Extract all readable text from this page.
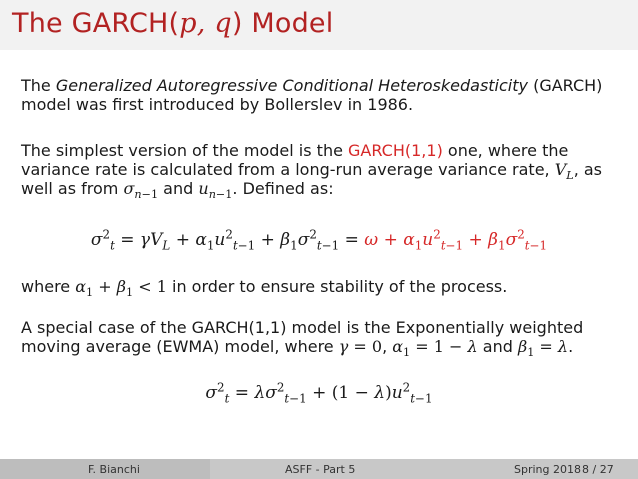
The GARCH(p, q) Model

The Generalized Autoregressive Conditional Heteroskedasticity (GARCH) model was first introduced by Bollerslev in 1986.

The simplest version of the model is the GARCH(1,1) one, where the variance rate is calculated from a long-run average variance rate, $V_L$, as well as from $\sigma_{n-1}$ and $u_{n-1}$. Defined as:

$\sigma^2_t = \gamma V_L + \alpha_1u^2_{t-1} + \beta_1\sigma^2_{t-1} = \omega + \alpha_1u^2_{t-1} + \beta_1\sigma^2_{t-1}$

where $\alpha_1 + \beta_1 < 1$ in order to ensure stability of the process.

A special case of the GARCH(1,1) model is the Exponentially weighted moving average (EWMA) model, where γ = 0, $\alpha_1 = 1 - \lambda$ and $\beta_1 = \lambda$.

$\sigma^2_t = \lambda\sigma^2_{t-1} + (1 - \lambda)u^2_{t-1}$
F. Bianchi	ASFF - Part 5	Spring 2018 8 / 27
